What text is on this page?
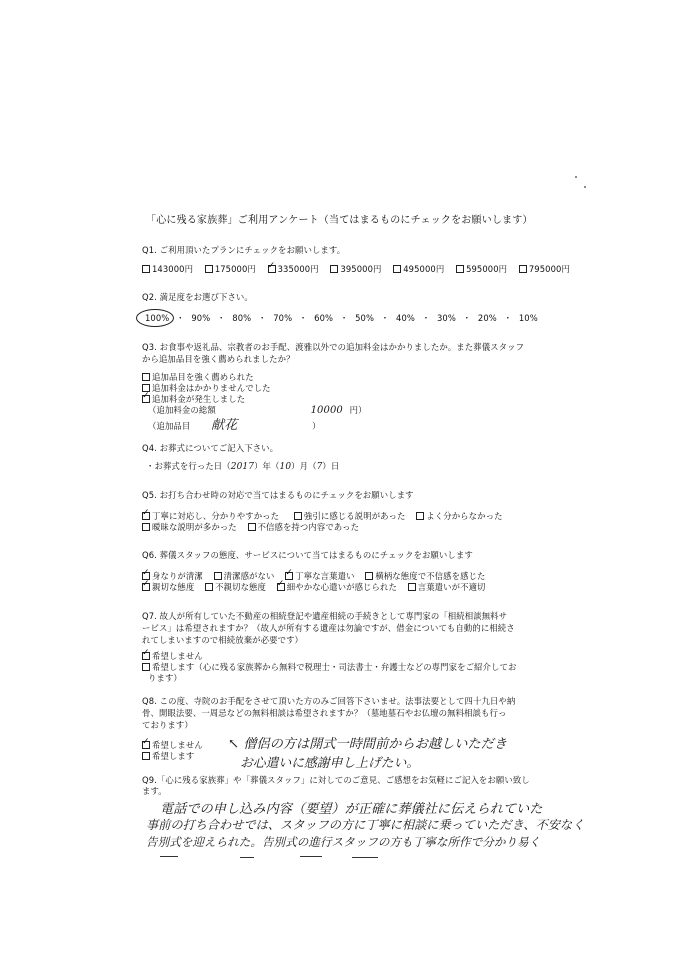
「心に残る家族葬」ご利用アンケート（当てはまるものにチェックをお願いします）
Q1. ご利用頂いたプランにチェックをお願いします。
143000円	175000円 ✓	335000円	395000円	495000円	595000円	795000円
Q2. 満足度をお選び下さい。
100% ・ 90% ・ 80% ・ 70% ・ 60% ・ 50% ・ 40% ・ 30% ・ 20% ・ 10%
Q3. お食事や返礼品、宗教者のお手配、渡雅以外での追加料金はかかりましたか。また葬儀スタッフ
から追加品目を強く薦められましたか？
追加品目を強く薦められた
追加料金はかかりませんでした
✓追加料金が発生しました
（追加料金の総額	10000 円）
（追加品目 献花	）
Q4. お葬式についてご記入下さい。
・お葬式を行った日（2017）年（10）月（7）日
Q5. お打ち合わせ時の対応で当てはまるものにチェックをお願いします
✓丁寧に対応し、分かりやすかった	強引に感じる説明があった よく分からなかった
曖昧な説明が多かった 不信感を持つ内容であった
Q6. 葬儀スタッフの態度、サービスについて当てはまるものにチェックをお願いします
✓身なりが清潔 清潔感がない ✓ 丁寧な言葉遣い 横柄な態度で不信感を感じた
✓親切な態度 不親切な態度 ✓ 細やかな心遣いが感じられた 言葉遣いが不適切
Q7. 故人が所有していた不動産の相続登記や遺産相続の手続きとして専門家の「相続相談無料サ
ービス」は希望されますか？（故人が所有する遺産は勿論ですが、借金についても自動的に相続さ
れてしまいますので相続放棄が必要です）
✓希望しません
希望します（心に残る家族葬から無料で税理士・司法書士・弁護士などの専門家をご紹介してお
ります）
Q8. この度、寺院のお手配をさせて頂いた方のみご回答下さいませ。法事法要として四十九日や納
骨、開眼法要、一周忌などの無料相談は希望されますか？（墓地墓石やお仏壇の無料相談も行っ
ております）
✓希望しません
希望します
↖ 僧侶の方は開式一時間前からお越しいただき
お心遣いに感謝申し上げたい。
Q9.「心に残る家族葬」や「葬儀スタッフ」に対してのご意見、ご感想をお気軽にご記入をお願い致し
ます。
電話での申し込み内容（要望）が正確に葬儀社に伝えられていた
事前の打ち合わせでは、スタッフの方に丁寧に相談に乗っていただき、不安なく
告別式を迎えられた。告別式の進行スタッフの方も丁寧な所作で分かり易く
